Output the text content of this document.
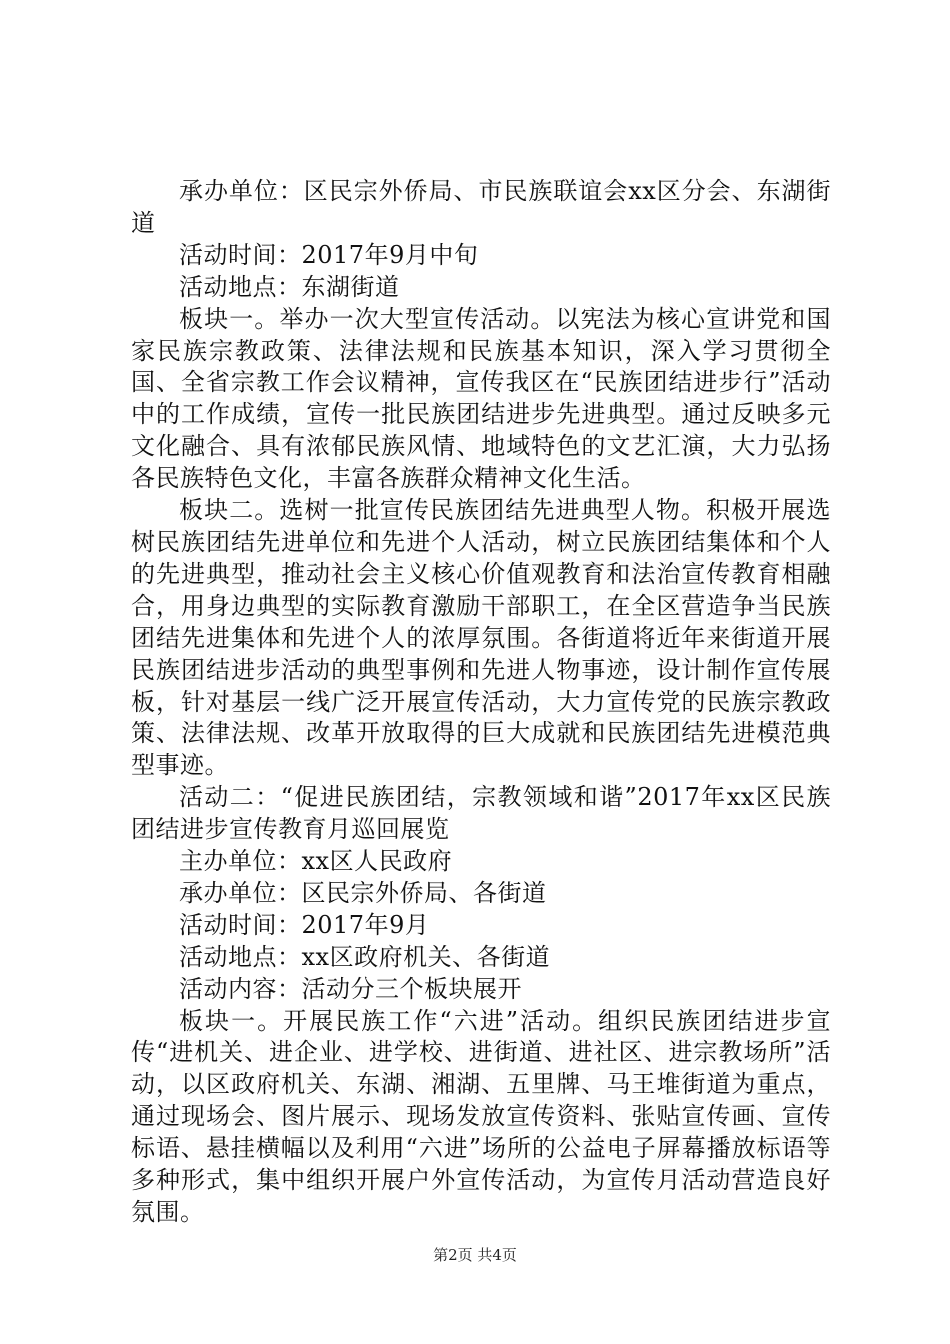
承办单位：区民宗外侨局、市民族联谊会xx区分会、东湖街道

活动时间：2017年9月中旬

活动地点：东湖街道

板块一。举办一次大型宣传活动。以宪法为核心宣讲党和国家民族宗教政策、法律法规和民族基本知识，深入学习贯彻全国、全省宗教工作会议精神，宣传我区在“民族团结进步行”活动中的工作成绩，宣传一批民族团结进步先进典型。通过反映多元文化融合、具有浓郁民族风情、地域特色的文艺汇演，大力弘扬各民族特色文化，丰富各族群众精神文化生活。

板块二。选树一批宣传民族团结先进典型人物。积极开展选树民族团结先进单位和先进个人活动，树立民族团结集体和个人的先进典型，推动社会主义核心价值观教育和法治宣传教育相融合，用身边典型的实际教育激励干部职工，在全区营造争当民族团结先进集体和先进个人的浓厚氛围。各街道将近年来街道开展民族团结进步活动的典型事例和先进人物事迹，设计制作宣传展板，针对基层一线广泛开展宣传活动，大力宣传党的民族宗教政策、法律法规、改革开放取得的巨大成就和民族团结先进模范典型事迹。

活动二：“促进民族团结，宗教领域和谐”2017年xx区民族团结进步宣传教育月巡回展览

主办单位：xx区人民政府

承办单位：区民宗外侨局、各街道

活动时间：2017年9月

活动地点：xx区政府机关、各街道

活动内容：活动分三个板块展开

板块一。开展民族工作“六进”活动。组织民族团结进步宣传“进机关、进企业、进学校、进街道、进社区、进宗教场所”活动，以区政府机关、东湖、湘湖、五里牌、马王堆街道为重点，通过现场会、图片展示、现场发放宣传资料、张贴宣传画、宣传标语、悬挂横幅以及利用“六进”场所的公益电子屏幕播放标语等多种形式，集中组织开展户外宣传活动，为宣传月活动营造良好氛围。

第2页 共4页
